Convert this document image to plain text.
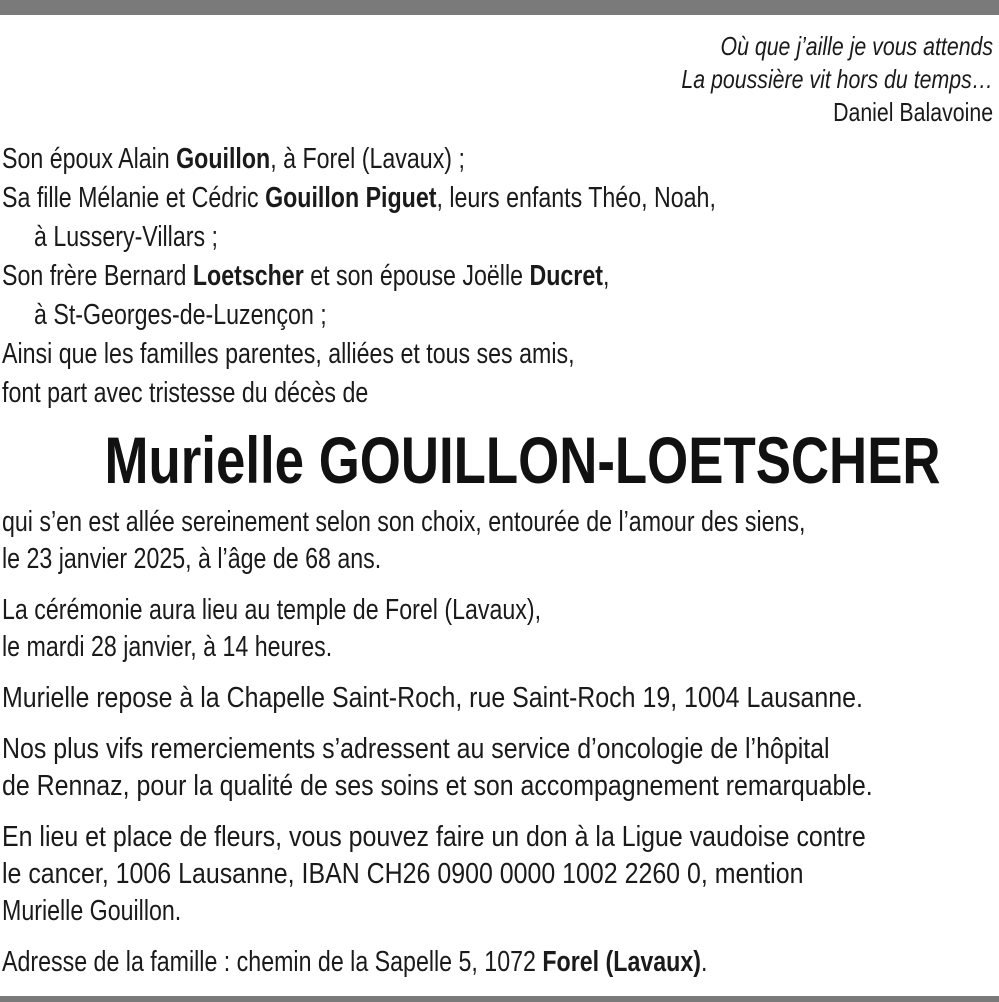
Où que j’aille je vous attends
La poussière vit hors du temps…
Daniel Balavoine
Son époux Alain Gouillon, à Forel (Lavaux) ;
Sa fille Mélanie et Cédric Gouillon Piguet, leurs enfants Théo, Noah,
à Lussery-Villars ;
Son frère Bernard Loetscher et son épouse Joëlle Ducret,
à St-Georges-de-Luzençon ;
Ainsi que les familles parentes, alliées et tous ses amis,
font part avec tristesse du décès de
Murielle GOUILLON-LOETSCHER
qui s’en est allée sereinement selon son choix, entourée de l’amour des siens,
le 23 janvier 2025, à l’âge de 68 ans.
La cérémonie aura lieu au temple de Forel (Lavaux),
le mardi 28 janvier, à 14 heures.
Murielle repose à la Chapelle Saint-Roch, rue Saint-Roch 19, 1004 Lausanne.
Nos plus vifs remerciements s’adressent au service d’oncologie de l’hôpital
de Rennaz, pour la qualité de ses soins et son accompagnement remarquable.
En lieu et place de fleurs, vous pouvez faire un don à la Ligue vaudoise contre
le cancer, 1006 Lausanne, IBAN CH26 0900 0000 1002 2260 0, mention
Murielle Gouillon.
Adresse de la famille : chemin de la Sapelle 5, 1072 Forel (Lavaux).
